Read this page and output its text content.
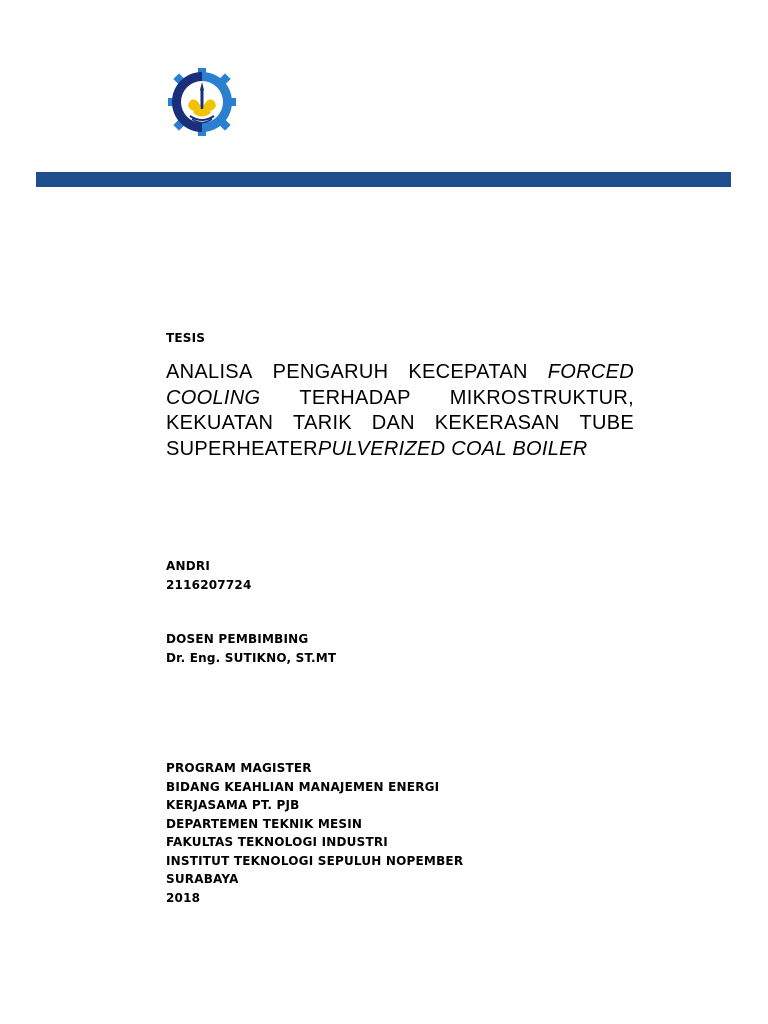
TESIS
ANALISA PENGARUH KECEPATAN FORCED
COOLING TERHADAP MIKROSTRUKTUR,
KEKUATAN TARIK DAN KEKERASAN TUBE
SUPERHEATER PULVERIZED COAL BOILER
ANDRI
2116207724
DOSEN PEMBIMBING
Dr. Eng. SUTIKNO, ST.MT
PROGRAM MAGISTER
BIDANG KEAHLIAN MANAJEMEN ENERGI
KERJASAMA PT. PJB
DEPARTEMEN TEKNIK MESIN
FAKULTAS TEKNOLOGI INDUSTRI
INSTITUT TEKNOLOGI SEPULUH NOPEMBER
SURABAYA
2018
